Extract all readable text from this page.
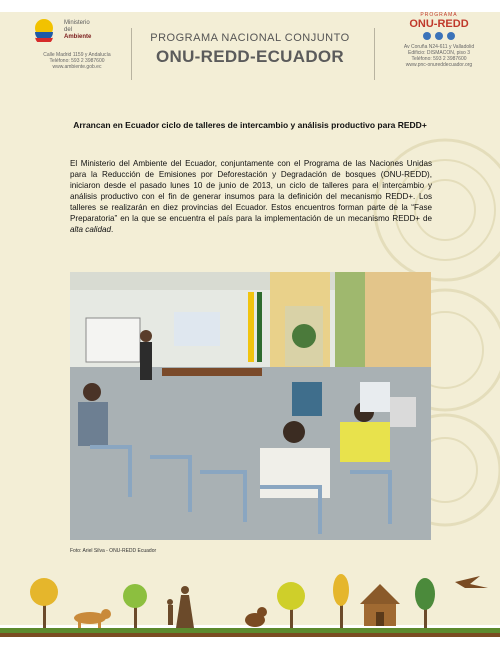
Ministerio
del
Ambiente
Calle Madrid 1159 y Andalucía
Teléfono: 593 2 3987600
www.ambiente.gob.ec
PROGRAMA NACIONAL CONJUNTO
ONU-REDD-ECUADOR
PROGRAMA
ONU-REDD
Av Coruña N24-611 y Valladolid
Edificio: DISMACON, piso 3
Teléfono: 593 2 3987600
www.pnc-onureddecuador.org
Arrancan en Ecuador ciclo de talleres de intercambio y análisis productivo para REDD+
El Ministerio del Ambiente del Ecuador, conjuntamente con el Programa de las Naciones Unidas para la Reducción de Emisiones por Deforestación y Degradación de bosques (ONU-REDD), iniciaron desde el pasado lunes 10 de junio de 2013, un ciclo de talleres para el intercambio y análisis productivo con el fin de generar insumos para la definición del mecanismo REDD+. Los talleres se realizarán en diez provincias del Ecuador. Estos encuentros forman parte de la “Fase Preparatoria” en la que se encuentra el país para la implementación de un mecanismo REDD+ de alta calidad.
Foto: Ariel Silva - ONU-REDD Ecuador
